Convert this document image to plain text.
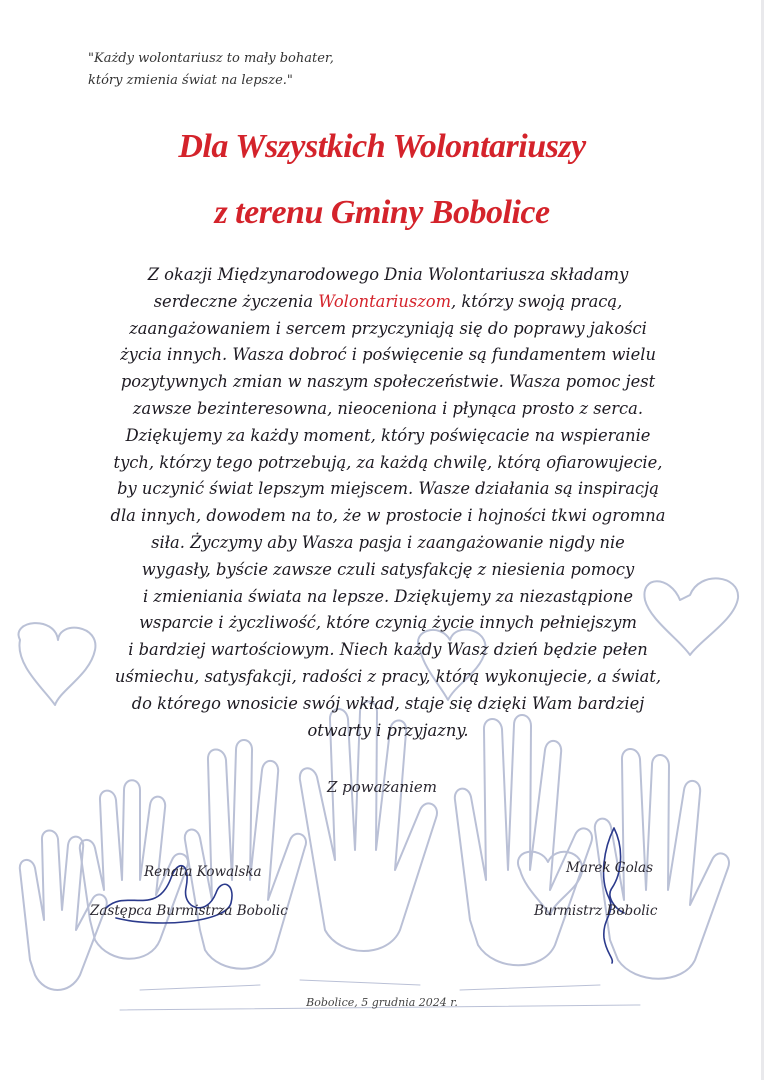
"Każdy wolontariusz to mały bohater,
który zmienia świat na lepsze."
Dla Wszystkich Wolontariuszy
z terenu Gminy Bobolice
Z okazji Międzynarodowego Dnia Wolontariusza składamy
serdeczne życzenia Wolontariuszom, którzy swoją pracą,
zaangażowaniem i sercem przyczyniają się do poprawy jakości
życia innych. Wasza dobroć i poświęcenie są fundamentem wielu
pozytywnych zmian w naszym społeczeństwie. Wasza pomoc jest
zawsze bezinteresowna, nieoceniona i płynąca prosto z serca.
Dziękujemy za każdy moment, który poświęcacie na wspieranie
tych, którzy tego potrzebują, za każdą chwilę, którą ofiarowujecie,
by uczynić świat lepszym miejscem. Wasze działania są inspiracją
dla innych, dowodem na to, że w prostocie i hojności tkwi ogromna
siła. Życzymy aby Wasza pasja i zaangażowanie nigdy nie
wygasły, byście zawsze czuli satysfakcję z niesienia pomocy
i zmieniania świata na lepsze. Dziękujemy za niezastąpione
wsparcie i życzliwość, które czynią życie innych pełniejszym
i bardziej wartościowym. Niech każdy Wasz dzień będzie pełen
uśmiechu, satysfakcji, radości z pracy, którą wykonujecie, a świat,
do którego wnosicie swój wkład, staje się dzięki Wam bardziej
otwarty i przyjazny.
Z poważaniem
Renata Kowalska
Zastępca Burmistrza Bobolic
Marek Golas
Burmistrz Bobolic
Bobolice, 5 grudnia 2024 r.
